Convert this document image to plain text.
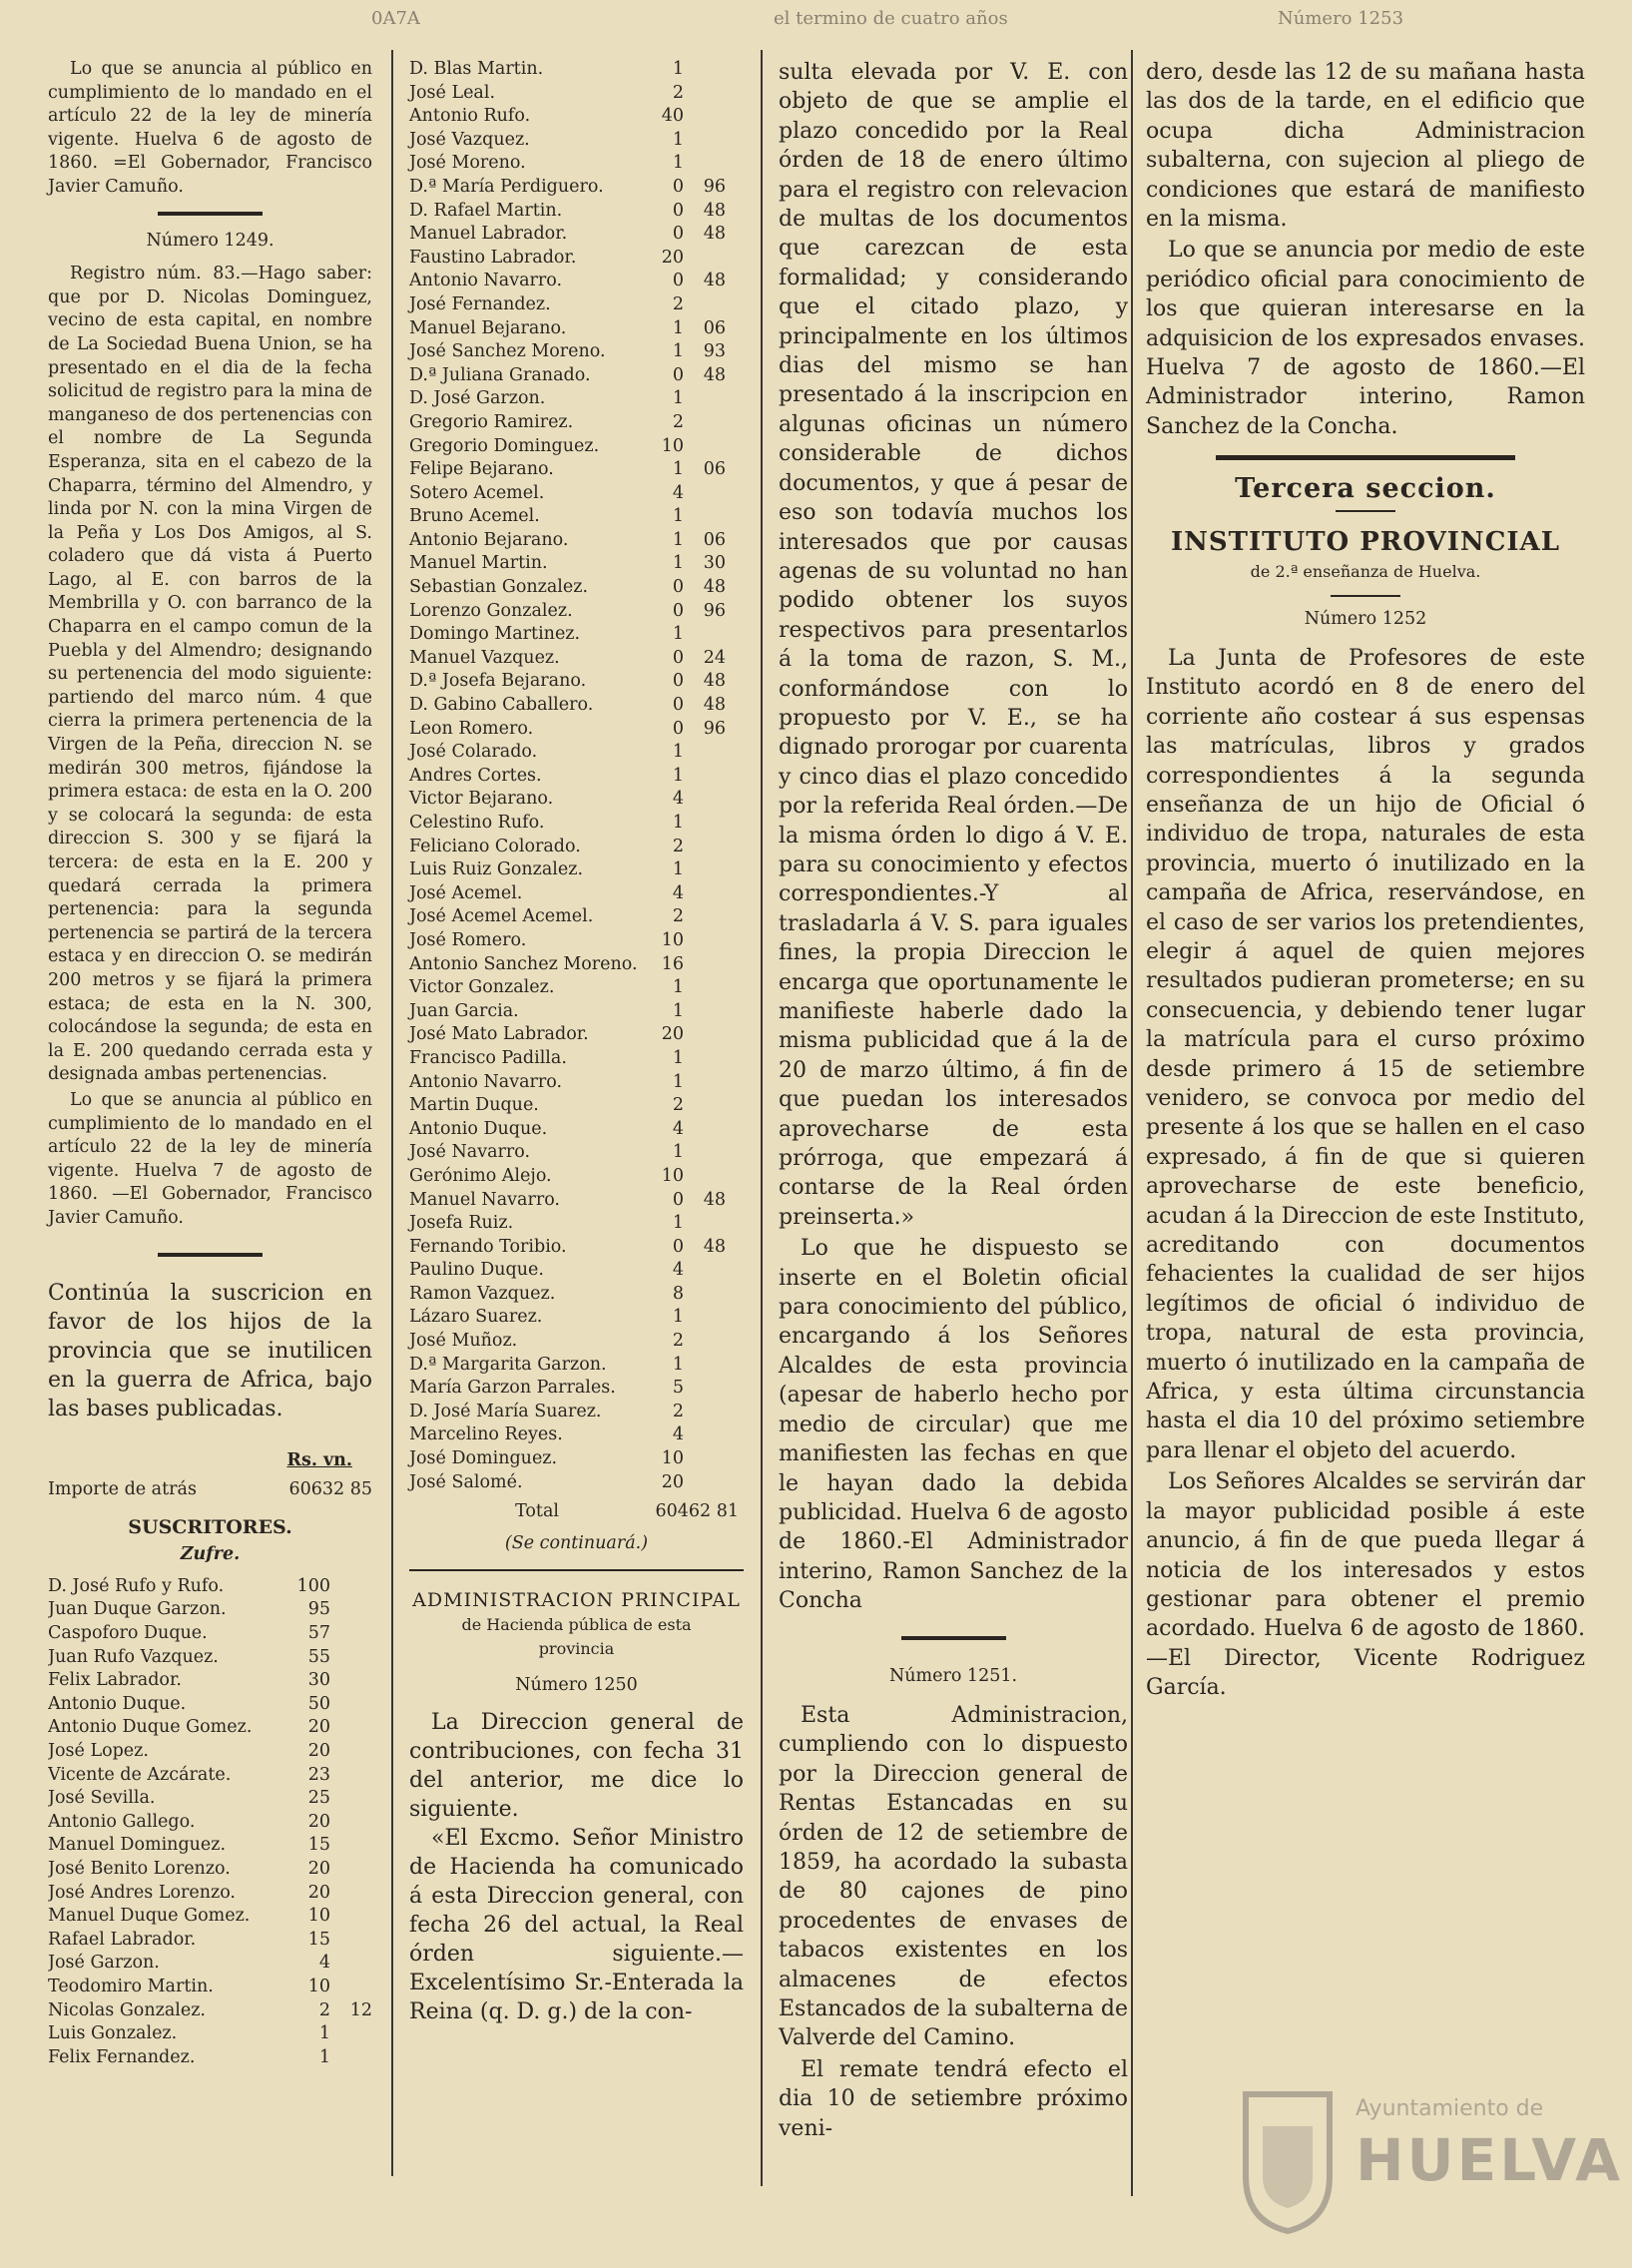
0A7A	el termino de cuatro años	Número 1253

Lo que se anuncia al público en cumplimiento de lo mandado en el artículo 22 de la ley de minería vigente. Huelva 6 de agosto de 1860. =El Gobernador, Francisco Javier Camuño.

Número 1249.

Registro núm. 83.—Hago saber: que por D. Nicolas Dominguez, vecino de esta capital, en nombre de La Sociedad Buena Union, se ha presentado en el dia de la fecha solicitud de registro para la mina de manganeso de dos pertenencias con el nombre de La Segunda Esperanza, sita en el cabezo de la Chaparra, término del Almendro, y linda por N. con la mina Virgen de la Peña y Los Dos Amigos, al S. coladero que dá vista á Puerto Lago, al E. con barros de la Membrilla y O. con barranco de la Chaparra en el campo comun de la Puebla y del Almendro; designando su pertenencia del modo siguiente: partiendo del marco núm. 4 que cierra la primera pertenencia de la Virgen de la Peña, direccion N. se medirán 300 metros, fijándose la primera estaca: de esta en la O. 200 y se colocará la segunda: de esta direccion S. 300 y se fijará la tercera: de esta en la E. 200 y quedará cerrada la primera pertenencia: para la segunda pertenencia se partirá de la tercera estaca y en direccion O. se medirán 200 metros y se fijará la primera estaca; de esta en la N. 300, colocándose la segunda; de esta en la E. 200 quedando cerrada esta y designada ambas pertenencias.

Lo que se anuncia al público en cumplimiento de lo mandado en el artículo 22 de la ley de minería vigente. Huelva 7 de agosto de 1860. —El Gobernador, Francisco Javier Camuño.

Continúa la suscricion en favor de los hijos de la provincia que se inutilicen en la guerra de Africa, bajo las bases publicadas.

Rs. vn.

Importe de atrás	60632 85

SUSCRITORES.

Zufre.

D. José Rufo y Rufo.	100
Juan Duque Garzon.	95
Caspoforo Duque.	57
Juan Rufo Vazquez.	55
Felix Labrador.	30
Antonio Duque.	50
Antonio Duque Gomez.	20
José Lopez.	20
Vicente de Azcárate.	23
José Sevilla.	25
Antonio Gallego.	20
Manuel Dominguez.	15
José Benito Lorenzo.	20
José Andres Lorenzo.	20
Manuel Duque Gomez.	10
Rafael Labrador.	15
José Garzon.	4
Teodomiro Martin.	10
Nicolas Gonzalez.	2	12
Luis Gonzalez.	1
Felix Fernandez.	1
D. Blas Martin.	1
José Leal.	2
Antonio Rufo.	40
José Vazquez.	1
José Moreno.	1
D.ª María Perdiguero.	0	96
D. Rafael Martin.	0	48
Manuel Labrador.	0	48
Faustino Labrador.	20
Antonio Navarro.	0	48
José Fernandez.	2
Manuel Bejarano.	1	06
José Sanchez Moreno.	1	93
D.ª Juliana Granado.	0	48
D. José Garzon.	1
Gregorio Ramirez.	2
Gregorio Dominguez.	10
Felipe Bejarano.	1	06
Sotero Acemel.	4
Bruno Acemel.	1
Antonio Bejarano.	1	06
Manuel Martin.	1	30
Sebastian Gonzalez.	0	48
Lorenzo Gonzalez.	0	96
Domingo Martinez.	1
Manuel Vazquez.	0	24
D.ª Josefa Bejarano.	0	48
D. Gabino Caballero.	0	48
Leon Romero.	0	96
José Colarado.	1
Andres Cortes.	1
Victor Bejarano.	4
Celestino Rufo.	1
Feliciano Colorado.	2
Luis Ruiz Gonzalez.	1
José Acemel.	4
José Acemel Acemel.	2
José Romero.	10
Antonio Sanchez Moreno.	16
Victor Gonzalez.	1
Juan Garcia.	1
José Mato Labrador.	20
Francisco Padilla.	1
Antonio Navarro.	1
Martin Duque.	2
Antonio Duque.	4
José Navarro.	1
Gerónimo Alejo.	10
Manuel Navarro.	0	48
Josefa Ruiz.	1
Fernando Toribio.	0	48
Paulino Duque.	4
Ramon Vazquez.	8
Lázaro Suarez.	1
José Muñoz.	2
D.ª Margarita Garzon.	1
María Garzon Parrales.	5
D. José María Suarez.	2
Marcelino Reyes.	4
José Dominguez.	10
José Salomé.	20
Total	60462 81

(Se continuará.)

ADMINISTRACION PRINCIPAL

de Hacienda pública de esta provincia

Número 1250

La Direccion general de contribuciones, con fecha 31 del anterior, me dice lo siguiente.

«El Excmo. Señor Ministro de Hacienda ha comunicado á esta Direccion general, con fecha 26 del actual, la Real órden siguiente.—Excelentísimo Sr.-Enterada la Reina (q. D. g.) de la con-

sulta elevada por V. E. con objeto de que se amplie el plazo concedido por la Real órden de 18 de enero último para el registro con relevacion de multas de los documentos que carezcan de esta formalidad; y considerando que el citado plazo, y principalmente en los últimos dias del mismo se han presentado á la inscripcion en algunas oficinas un número considerable de dichos documentos, y que á pesar de eso son todavía muchos los interesados que por causas agenas de su voluntad no han podido obtener los suyos respectivos para presentarlos á la toma de razon, S. M., conformándose con lo propuesto por V. E., se ha dignado prorogar por cuarenta y cinco dias el plazo concedido por la referida Real órden.—De la misma órden lo digo á V. E. para su conocimiento y efectos correspondientes.-Y al trasladarla á V. S. para iguales fines, la propia Direccion le encarga que oportunamente le manifieste haberle dado la misma publicidad que á la de 20 de marzo último, á fin de que puedan los interesados aprovecharse de esta prórroga, que empezará á contarse de la Real órden preinserta.»

Lo que he dispuesto se inserte en el Boletin oficial para conocimiento del público, encargando á los Señores Alcaldes de esta provincia (apesar de haberlo hecho por medio de circular) que me manifiesten las fechas en que le hayan dado la debida publicidad. Huelva 6 de agosto de 1860.-El Administrador interino, Ramon Sanchez de la Concha

Número 1251.

Esta Administracion, cumpliendo con lo dispuesto por la Direccion general de Rentas Estancadas en su órden de 12 de setiembre de 1859, ha acordado la subasta de 80 cajones de pino procedentes de envases de tabacos existentes en los almacenes de efectos Estancados de la subalterna de Valverde del Camino.

El remate tendrá efecto el dia 10 de setiembre próximo veni-

dero, desde las 12 de su mañana hasta las dos de la tarde, en el edificio que ocupa dicha Administracion subalterna, con sujecion al pliego de condiciones que estará de manifiesto en la misma.

Lo que se anuncia por medio de este periódico oficial para conocimiento de los que quieran interesarse en la adquisicion de los expresados envases. Huelva 7 de agosto de 1860.—El Administrador interino, Ramon Sanchez de la Concha.

Tercera seccion.

INSTITUTO PROVINCIAL

de 2.ª enseñanza de Huelva.

Número 1252

La Junta de Profesores de este Instituto acordó en 8 de enero del corriente año costear á sus espensas las matrículas, libros y grados correspondientes á la segunda enseñanza de un hijo de Oficial ó individuo de tropa, naturales de esta provincia, muerto ó inutilizado en la campaña de Africa, reservándose, en el caso de ser varios los pretendientes, elegir á aquel de quien mejores resultados pudieran prometerse; en su consecuencia, y debiendo tener lugar la matrícula para el curso próximo desde primero á 15 de setiembre venidero, se convoca por medio del presente á los que se hallen en el caso expresado, á fin de que si quieren aprovecharse de este beneficio, acudan á la Direccion de este Instituto, acreditando con documentos fehacientes la cualidad de ser hijos legítimos de oficial ó individuo de tropa, natural de esta provincia, muerto ó inutilizado en la campaña de Africa, y esta última circunstancia hasta el dia 10 del próximo setiembre para llenar el objeto del acuerdo.

Los Señores Alcaldes se servirán dar la mayor publicidad posible á este anuncio, á fin de que pueda llegar á noticia de los interesados y estos gestionar para obtener el premio acordado. Huelva 6 de agosto de 1860.—El Director, Vicente Rodriguez García.

Ayuntamiento de
HUELVA
